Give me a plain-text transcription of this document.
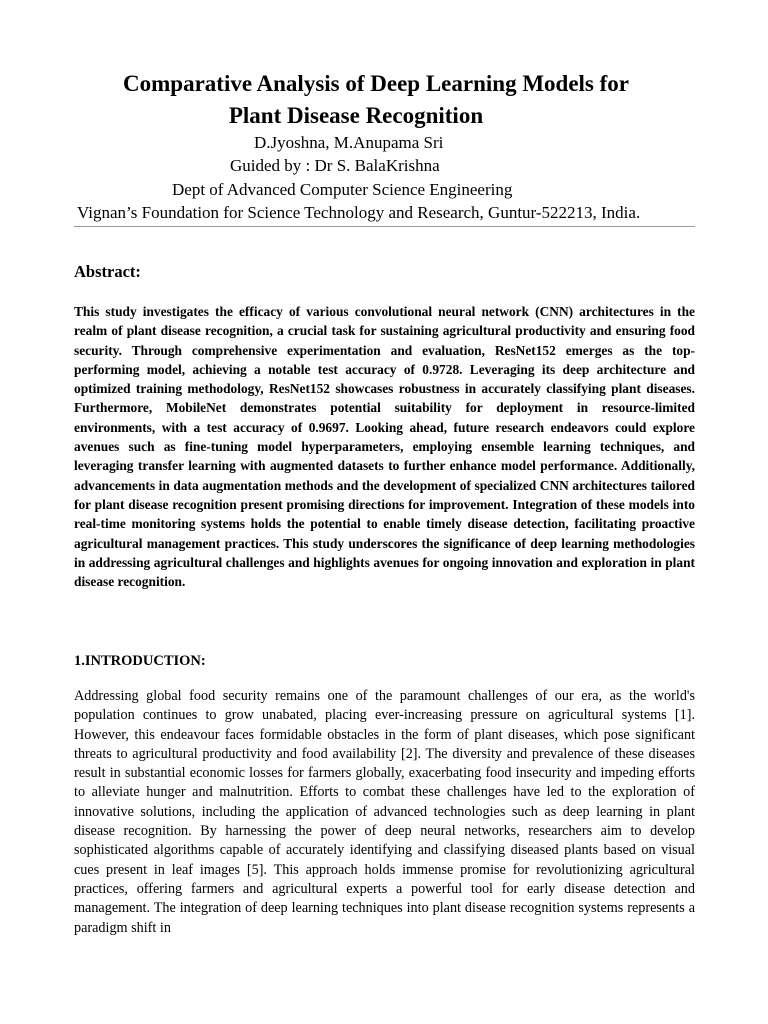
Comparative Analysis of Deep Learning Models for
Plant Disease Recognition

D.Jyoshna, M.Anupama Sri

Guided by : Dr S. BalaKrishna

Dept of Advanced Computer Science Engineering

Vignan’s Foundation for Science Technology and Research, Guntur-522213, India.

Abstract:

This study investigates the efficacy of various convolutional neural network (CNN) architectures in the realm of plant disease recognition, a crucial task for sustaining agricultural productivity and ensuring food security. Through comprehensive experimentation and evaluation, ResNet152 emerges as the top-performing model, achieving a notable test accuracy of 0.9728. Leveraging its deep architecture and optimized training methodology, ResNet152 showcases robustness in accurately classifying plant diseases. Furthermore, MobileNet demonstrates potential suitability for deployment in resource-limited environments, with a test accuracy of 0.9697. Looking ahead, future research endeavors could explore avenues such as fine-tuning model hyperparameters, employing ensemble learning techniques, and leveraging transfer learning with augmented datasets to further enhance model performance. Additionally, advancements in data augmentation methods and the development of specialized CNN architectures tailored for plant disease recognition present promising directions for improvement. Integration of these models into real-time monitoring systems holds the potential to enable timely disease detection, facilitating proactive agricultural management practices. This study underscores the significance of deep learning methodologies in addressing agricultural challenges and highlights avenues for ongoing innovation and exploration in plant disease recognition.

1.INTRODUCTION:

Addressing global food security remains one of the paramount challenges of our era, as the world's population continues to grow unabated, placing ever-increasing pressure on agricultural systems [1]. However, this endeavour faces formidable obstacles in the form of plant diseases, which pose significant threats to agricultural productivity and food availability [2]. The diversity and prevalence of these diseases result in substantial economic losses for farmers globally, exacerbating food insecurity and impeding efforts to alleviate hunger and malnutrition. Efforts to combat these challenges have led to the exploration of innovative solutions, including the application of advanced technologies such as deep learning in plant disease recognition. By harnessing the power of deep neural networks, researchers aim to develop sophisticated algorithms capable of accurately identifying and classifying diseased plants based on visual cues present in leaf images [5]. This approach holds immense promise for revolutionizing agricultural practices, offering farmers and agricultural experts a powerful tool for early disease detection and management. The integration of deep learning techniques into plant disease recognition systems represents a paradigm shift in
